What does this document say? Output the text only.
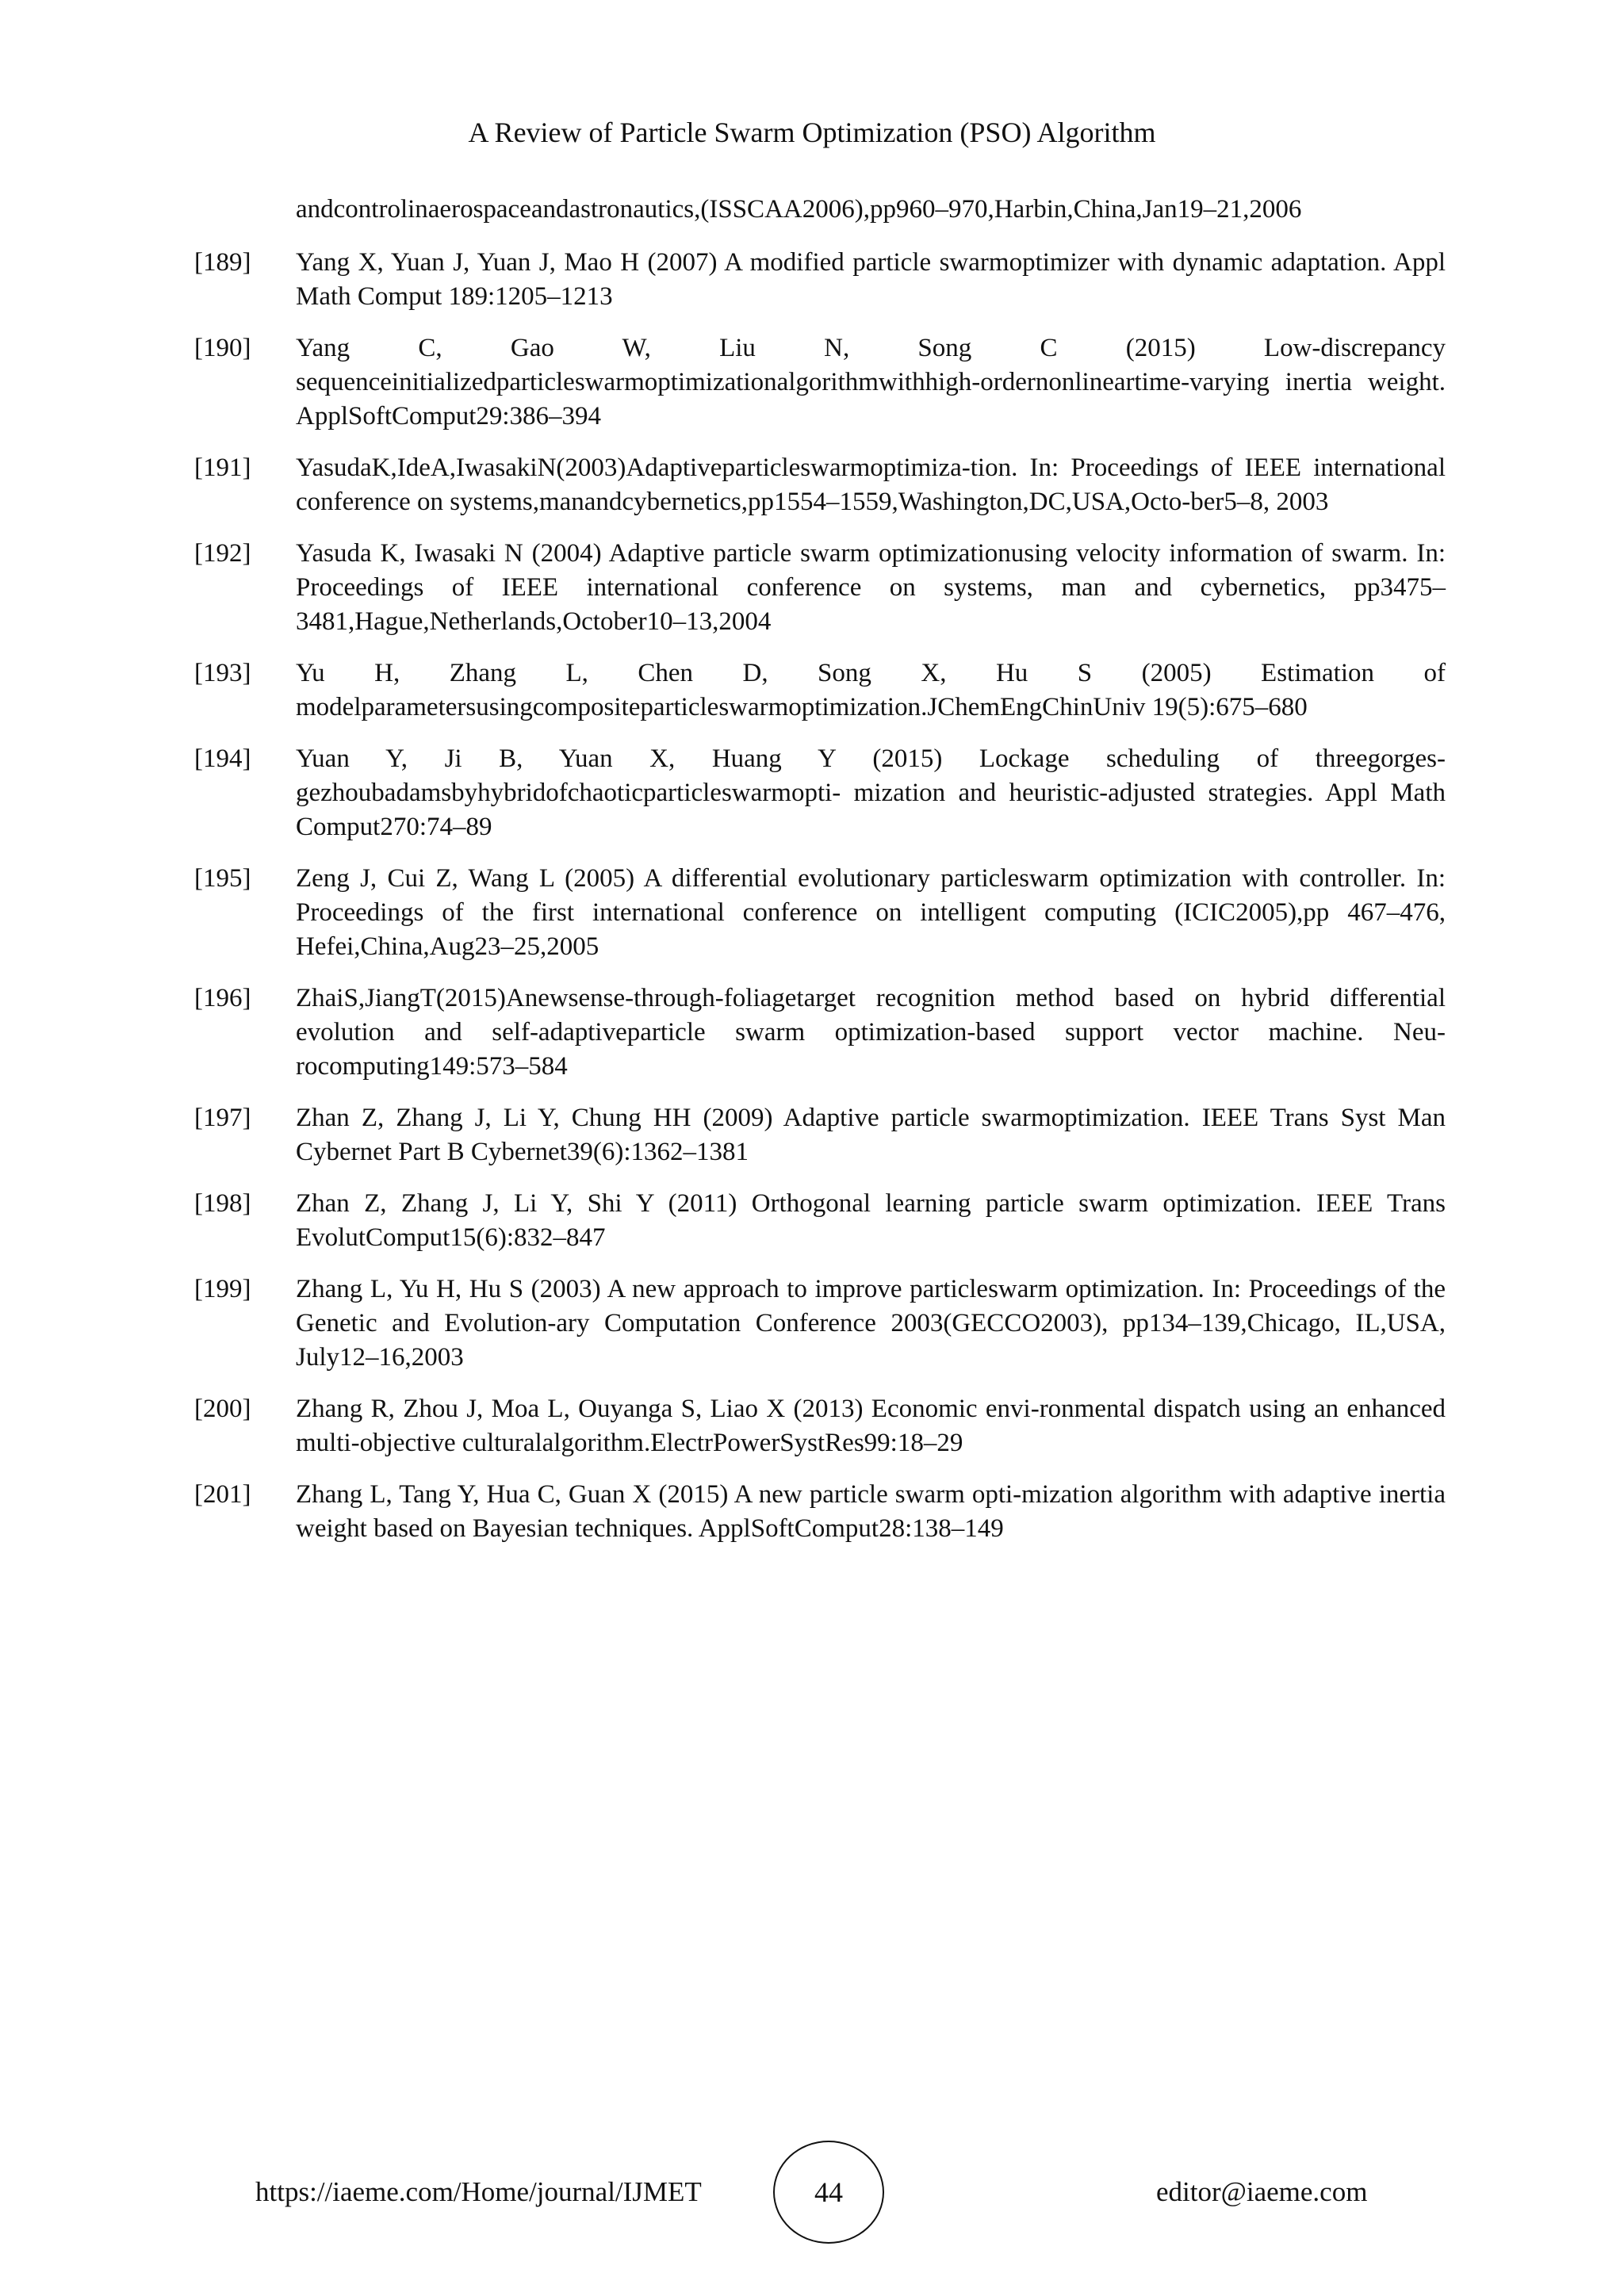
A Review of Particle Swarm Optimization (PSO) Algorithm
andcontrolinaerospaceandastronautics,(ISSCAA2006),pp960–970,Harbin,China,Jan19–21,2006
[189]	Yang X, Yuan J, Yuan J, Mao H (2007) A modified particle swarmoptimizer with dynamic adaptation. Appl Math Comput 189:1205–1213
[190]	Yang C, Gao W, Liu N, Song C (2015) Low-discrepancy sequenceinitializedparticleswarmoptimizationalgorithmwithhigh-ordernonlineartime-varying inertia weight. ApplSoftComput29:386–394
[191]	YasudaK,IdeA,IwasakiN(2003)Adaptiveparticleswarmoptimiza-tion. In: Proceedings of IEEE international conference on systems,manandcybernetics,pp1554–1559,Washington,DC,USA,Octo-ber5–8, 2003
[192]	Yasuda K, Iwasaki N (2004) Adaptive particle swarm optimizationusing velocity information of swarm. In: Proceedings of IEEE international conference on systems, man and cybernetics, pp3475–3481,Hague,Netherlands,October10–13,2004
[193]	Yu H, Zhang L, Chen D, Song X, Hu S (2005) Estimation of modelparametersusingcompositeparticleswarmoptimization.JChemEngChinUniv 19(5):675–680
[194]	Yuan Y, Ji B, Yuan X, Huang Y (2015) Lockage scheduling of threegorges-gezhoubadamsbyhybridofchaoticparticleswarmopti- mization and heuristic-adjusted strategies. Appl Math Comput270:74–89
[195]	Zeng J, Cui Z, Wang L (2005) A differential evolutionary particleswarm optimization with controller. In: Proceedings of the first international conference on intelligent computing (ICIC2005),pp 467–476, Hefei,China,Aug23–25,2005
[196]	ZhaiS,JiangT(2015)Anewsense-through-foliagetarget recognition method based on hybrid differential evolution and self-adaptiveparticle swarm optimization-based support vector machine. Neu-rocomputing149:573–584
[197]	Zhan Z, Zhang J, Li Y, Chung HH (2009) Adaptive particle swarmoptimization. IEEE Trans Syst Man Cybernet Part B Cybernet39(6):1362–1381
[198]	Zhan Z, Zhang J, Li Y, Shi Y (2011) Orthogonal learning particle swarm optimization. IEEE Trans EvolutComput15(6):832–847
[199]	Zhang L, Yu H, Hu S (2003) A new approach to improve particleswarm optimization. In: Proceedings of the Genetic and Evolution-ary Computation Conference 2003(GECCO2003), pp134–139,Chicago, IL,USA, July12–16,2003
[200]	Zhang R, Zhou J, Moa L, Ouyanga S, Liao X (2013) Economic envi-ronmental dispatch using an enhanced multi-objective culturalalgorithm.ElectrPowerSystRes99:18–29
[201]	Zhang L, Tang Y, Hua C, Guan X (2015) A new particle swarm opti-mization algorithm with adaptive inertia weight based on Bayesian techniques. ApplSoftComput28:138–149
https://iaeme.com/Home/journal/IJMET	44	editor@iaeme.com
